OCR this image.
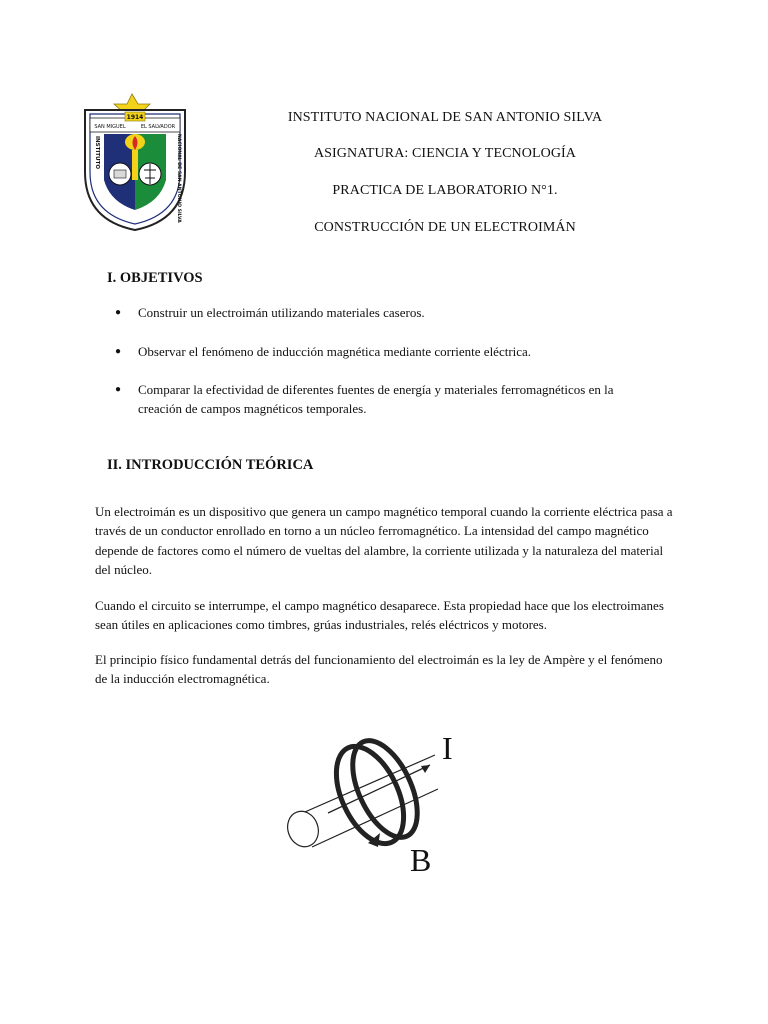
SAN MIGUEL	EL SALVADOR
1914
INSTITUTO	NACIONAL DE SAN ANTONIO SILVA
INSTITUTO NACIONAL DE SAN ANTONIO SILVA
ASIGNATURA: CIENCIA Y TECNOLOGÍA
PRACTICA DE LABORATORIO N°1.
CONSTRUCCIÓN DE UN ELECTROIMÁN
I. OBJETIVOS
● Construir un electroimán utilizando materiales caseros.
● Observar el fenómeno de inducción magnética mediante corriente eléctrica.
● Comparar la efectividad de diferentes fuentes de energía y materiales ferromagnéticos en la creación de campos magnéticos temporales.
II. INTRODUCCIÓN TEÓRICA

Un electroimán es un dispositivo que genera un campo magnético temporal cuando la corriente eléctrica pasa a través de un conductor enrollado en torno a un núcleo ferromagnético. La intensidad del campo magnético depende de factores como el número de vueltas del alambre, la corriente utilizada y la naturaleza del material del núcleo.

Cuando el circuito se interrumpe, el campo magnético desaparece. Esta propiedad hace que los electroimanes sean útiles en aplicaciones como timbres, grúas industriales, relés eléctricos y motores.

El principio físico fundamental detrás del funcionamiento del electroimán es la ley de Ampère y el fenómeno de la inducción electromagnética.

I
B
